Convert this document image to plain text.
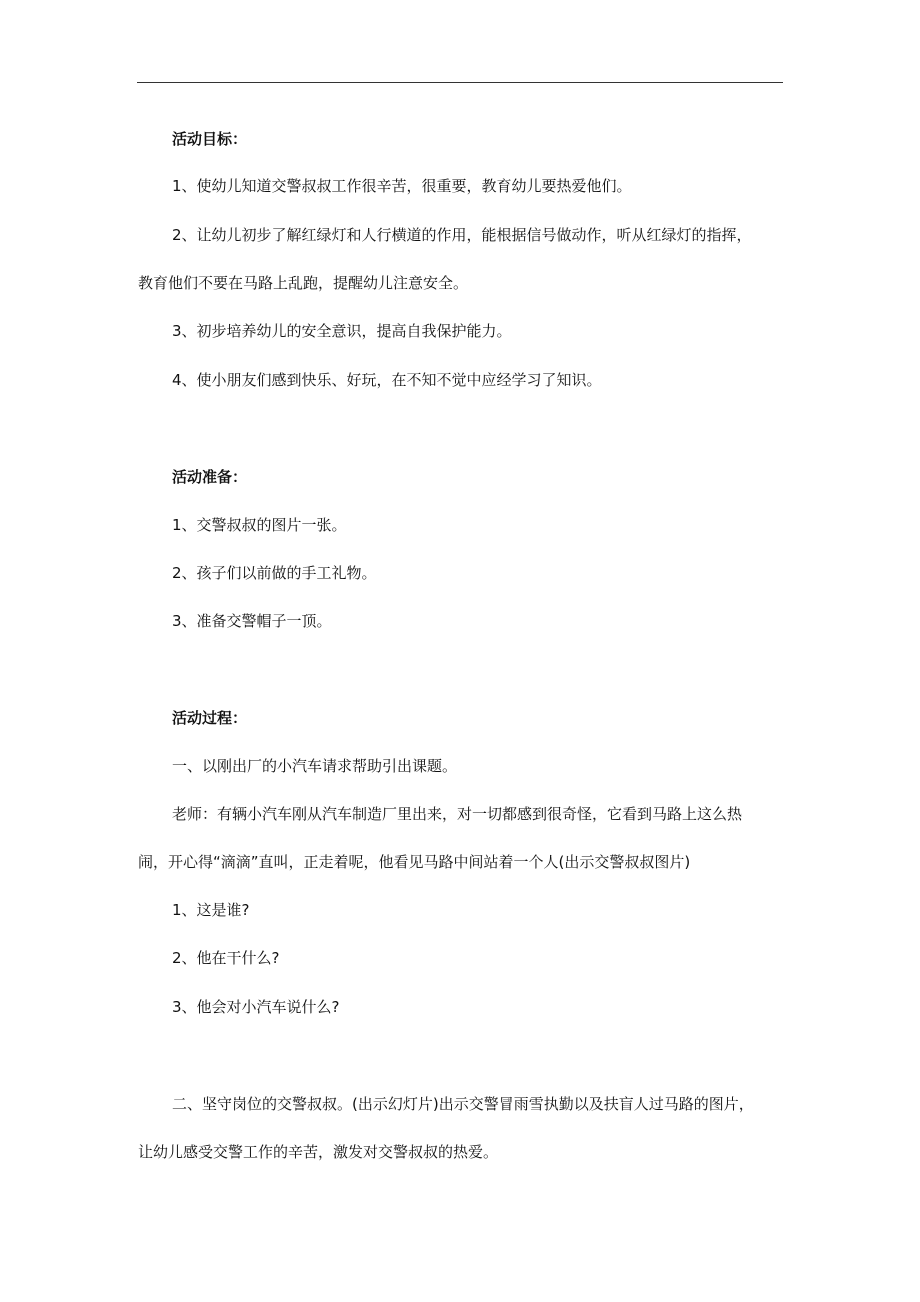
活动目标：
1、使幼儿知道交警叔叔工作很辛苦，很重要，教育幼儿要热爱他们。
2、让幼儿初步了解红绿灯和人行横道的作用，能根据信号做动作，听从红绿灯的指挥，
教育他们不要在马路上乱跑，提醒幼儿注意安全。
3、初步培养幼儿的安全意识，提高自我保护能力。
4、使小朋友们感到快乐、好玩，在不知不觉中应经学习了知识。
活动准备：
1、交警叔叔的图片一张。
2、孩子们以前做的手工礼物。
3、准备交警帽子一顶。
活动过程：
一、以刚出厂的小汽车请求帮助引出课题。
老师：有辆小汽车刚从汽车制造厂里出来，对一切都感到很奇怪，它看到马路上这么热
闹，开心得“滴滴”直叫，正走着呢，他看见马路中间站着一个人(出示交警叔叔图片)
1、这是谁?
2、他在干什么?
3、他会对小汽车说什么?
二、坚守岗位的交警叔叔。(出示幻灯片)出示交警冒雨雪执勤以及扶盲人过马路的图片，
让幼儿感受交警工作的辛苦，激发对交警叔叔的热爱。
